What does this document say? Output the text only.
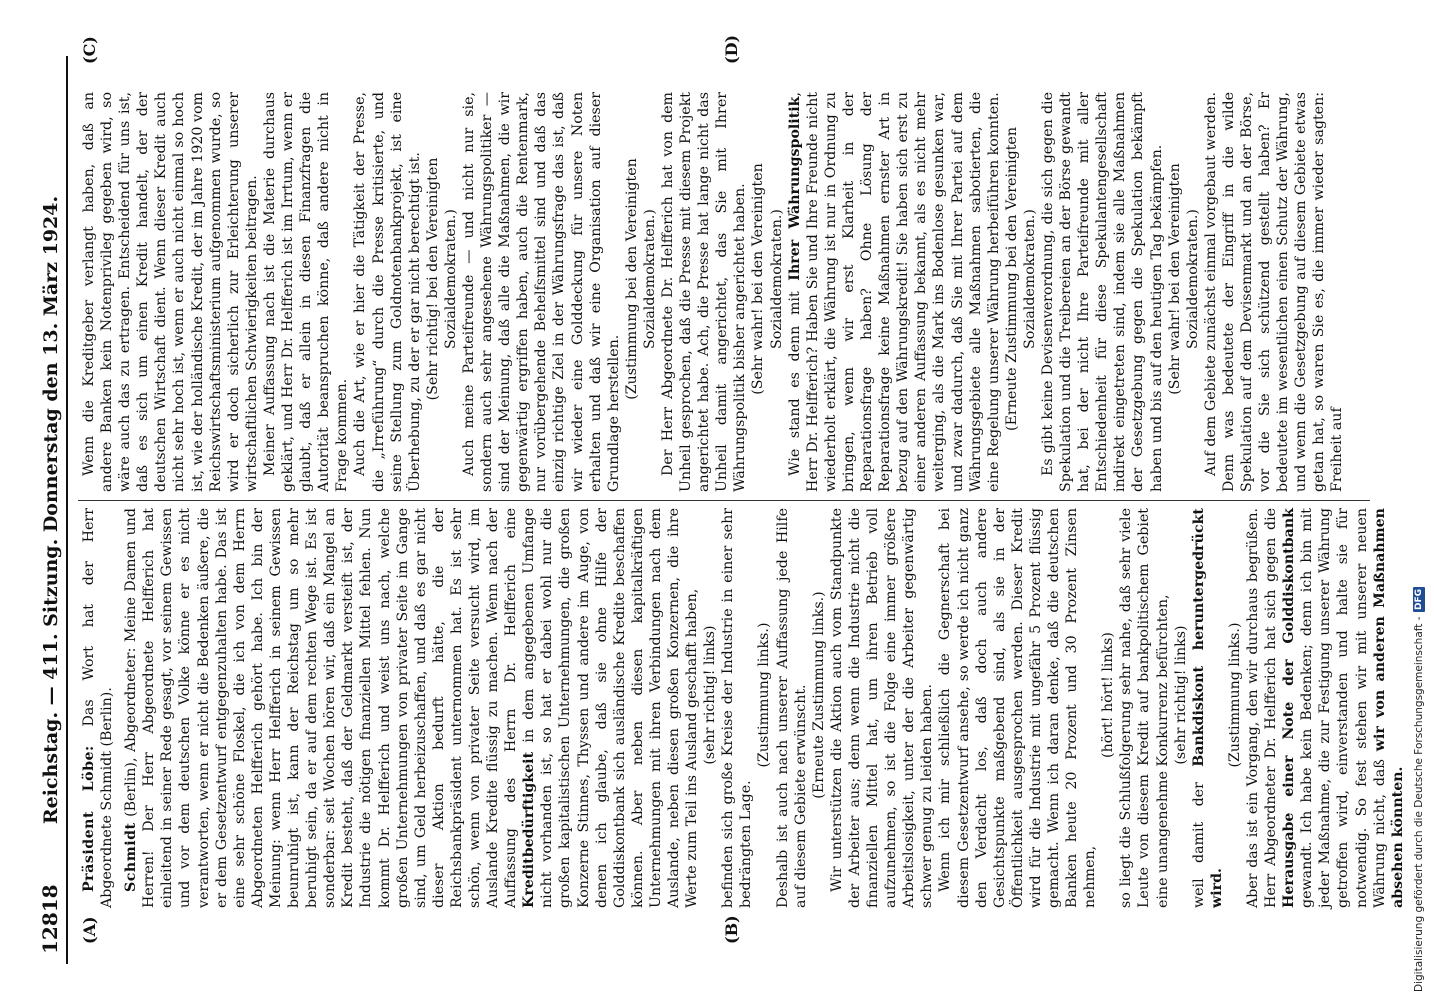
12818
Reichstag. — 411. Sitzung. Donnerstag den 13. März 1924.
(A)	(B)
(C)	(D)

Präsident Löbe: Das Wort hat der Herr Abgeordnete Schmidt (Berlin). Schmidt (Berlin), Abgeordneter: Meine Damen und Herren! Der Herr Abgeordnete Helfferich hat einleitend in seiner Rede gesagt, vor seinem Gewissen und vor dem deutschen Volke könne er es nicht verantworten, wenn er nicht die Bedenken äußere, die er dem Gesetzentwurf entgegenzuhalten habe. Das ist eine sehr schöne Floskel, die ich von dem Herrn Abgeordneten Helfferich gehört habe. Ich bin der Meinung: wenn Herr Helfferich in seinem Gewissen beunruhigt ist, kann der Reichstag um so mehr beruhigt sein, da er auf dem rechten Wege ist. Es ist sonderbar: seit Wochen hören wir, daß ein Mangel an Kredit besteht, daß der Geldmarkt versteift ist, der Industrie die nötigen finanziellen Mittel fehlen. Nun kommt Dr. Helfferich und weist uns nach, welche großen Unternehmungen von privater Seite im Gange sind, um Geld herbeizuschaffen, und daß es gar nicht dieser Aktion bedurft hätte, die der Reichsbankpräsident unternommen hat. Es ist sehr schön, wenn von privater Seite versucht wird, im Auslande Kredite flüssig zu machen. Wenn nach der Auffassung des Herrn Dr. Helfferich eine Kreditbedürftigkeit in dem angegebenen Umfange nicht vorhanden ist, so hat er dabei wohl nur die großen kapitalistischen Unternehmungen, die großen Konzerne Stinnes, Thyssen und andere im Auge, von denen ich glaube, daß sie ohne Hilfe der Golddiskontbank sich ausländische Kredite beschaffen können. Aber neben diesen kapitalkräftigen Unternehmungen mit ihren Verbindungen nach dem Auslande, neben diesen großen Konzernen, die ihre Werte zum Teil ins Ausland geschafft haben, (sehr richtig! links) befinden sich große Kreise der Industrie in einer sehr bedrängten Lage.

(Zustimmung links.) Deshalb ist auch nach unserer Auffassung jede Hilfe auf diesem Gebiete erwünscht. (Erneute Zustimmung links.) Wir unterstützen die Aktion auch vom Standpunkte der Arbeiter aus; denn wenn die Industrie nicht die finanziellen Mittel hat, um ihren Betrieb voll aufzunehmen, so ist die Folge eine immer größere Arbeitslosigkeit, unter der die Arbeiter gegenwärtig schwer genug zu leiden haben. Wenn ich mir schließlich die Gegnerschaft bei diesem Gesetzentwurf ansehe, so werde ich nicht ganz den Verdacht los, daß doch auch andere Gesichtspunkte maßgebend sind, als sie in der Öffentlichkeit ausgesprochen werden. Dieser Kredit wird für die Industrie mit ungefähr 5 Prozent flüssig gemacht. Wenn ich daran denke, daß die deutschen Banken heute 20 Prozent und 30 Prozent Zinsen nehmen,

(hört! hört! links) so liegt die Schlußfolgerung sehr nahe, daß sehr viele Leute von diesem Kredit auf bankpolitischem Gebiet eine unangenehme Konkurrenz befürchten, (sehr richtig! links)

weil damit der Bankdiskont heruntergedrückt wird.

(Zustimmung links.) Aber das ist ein Vorgang, den wir durchaus begrüßen. Herr Abgeordneter Dr. Helfferich hat sich gegen die Herausgabe einer Note der Golddiskontbank gewandt. Ich habe kein Bedenken; denn ich bin mit jeder Maßnahme, die zur Festigung unserer Währung getroffen wird, einverstanden und halte sie für notwendig. So fest stehen wir mit unserer neuen Währung nicht, daß wir von anderen Maßnahmen absehen könnten.

Wenn die Kreditgeber verlangt haben, daß an andere Banken kein Notenprivileg gegeben wird, so wäre auch das zu ertragen. Entscheidend für uns ist, daß es sich um einen Kredit handelt, der der deutschen Wirtschaft dient. Wenn dieser Kredit auch nicht sehr hoch ist, wenn er auch nicht einmal so hoch ist, wie der holländische Kredit, der im Jahre 1920 vom Reichswirtschaftsministerium aufgenommen wurde, so wird er doch sicherlich zur Erleichterung unserer wirtschaftlichen Schwierigkeiten beitragen. Meiner Auffassung nach ist die Materie durchaus geklärt, und Herr Dr. Helfferich ist im Irrtum, wenn er glaubt, daß er allein in diesen Finanzfragen die Autorität beanspruchen könne, daß andere nicht in Frage kommen. Auch die Art, wie er hier die Tätigkeit der Presse, die „Irreführung“ durch die Presse kritisierte, und seine Stellung zum Goldnotenbankprojekt, ist eine Überhebung, zu der er gar nicht berechtigt ist. (Sehr richtig! bei den Vereinigten Sozialdemokraten.) Auch meine Parteifreunde — und nicht nur sie, sondern auch sehr angesehene Währungspolitiker — sind der Meinung, daß alle die Maßnahmen, die wir gegenwärtig ergriffen haben, auch die Rentenmark, nur vorübergehende Behelfsmittel sind und daß das einzig richtige Ziel in der Währungsfrage das ist, daß wir wieder eine Golddeckung für unsere Noten erhalten und daß wir eine Organisation auf dieser Grundlage herstellen.

(Zustimmung bei den Vereinigten Sozialdemokraten.) Der Herr Abgeordnete Dr. Helfferich hat von dem Unheil gesprochen, daß die Presse mit diesem Projekt angerichtet habe. Ach, die Presse hat lange nicht das Unheil damit angerichtet, das Sie mit Ihrer Währungspolitik bisher angerichtet haben. (Sehr wahr! bei den Vereinigten Sozialdemokraten.)

Wie stand es denn mit Ihrer Währungspolitik, Herr Dr. Helfferich? Haben Sie und Ihre Freunde nicht wiederholt erklärt, die Währung ist nur in Ordnung zu bringen, wenn wir erst Klarheit in der Reparationsfrage haben? Ohne Lösung der Reparationsfrage keine Maßnahmen ernster Art in bezug auf den Währungskredit! Sie haben sich erst zu einer anderen Auffassung bekannt, als es nicht mehr weiterging, als die Mark ins Bodenlose gesunken war, und zwar dadurch, daß Sie mit Ihrer Partei auf dem Währungsgebiete alle Maßnahmen sabotierten, die eine Regelung unserer Währung herbeiführen konnten. (Erneute Zustimmung bei den Vereinigten Sozialdemokraten.) Es gibt keine Devisenverordnung, die sich gegen die Spekulation und die Treibereien an der Börse gewandt hat, bei der nicht Ihre Parteifreunde mit aller Entschiedenheit für diese Spekulantengesellschaft indirekt eingetreten sind, indem sie alle Maßnahmen der Gesetzgebung gegen die Spekulation bekämpft haben und bis auf den heutigen Tag bekämpfen. (Sehr wahr! bei den Vereinigten Sozialdemokraten.) Auf dem Gebiete zunächst einmal vorgebaut werden. Denn was bedeutete der Eingriff in die wilde Spekulation auf dem Devisenmarkt und an der Börse, vor die Sie sich schützend gestellt haben? Er bedeutete im wesentlichen einen Schutz der Währung, und wenn die Gesetzgebung auf diesem Gebiete etwas getan hat, so waren Sie es, die immer wieder sagten: Freiheit auf

Digitalisierung gefördert durch die Deutsche Forschungsgemeinschaft -
DFG
